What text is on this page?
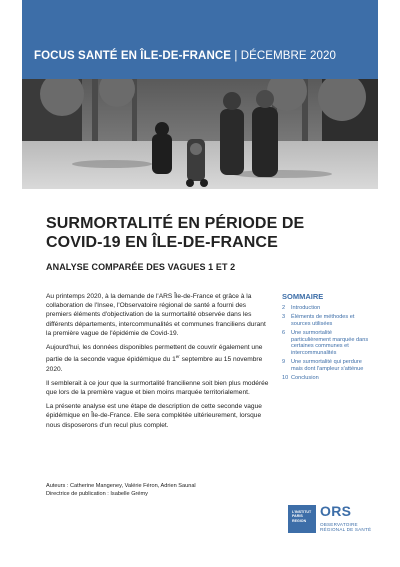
FOCUS SANTÉ EN ÎLE-DE-FRANCE | DÉCEMBRE 2020
SURMORTALITÉ EN PÉRIODE DE
COVID-19 EN ÎLE-DE-FRANCE
ANALYSE COMPARÉE DES VAGUES 1 ET 2

Au printemps 2020, à la demande de l'ARS Île-de-France et grâce à la collaboration de l'Insee, l'Observatoire régional de santé a fourni des premiers éléments d'objectivation de la surmortalité observée dans les différents départements, intercommunalités et communes franciliens durant la première vague de l'épidémie de Covid-19.

Aujourd'hui, les données disponibles permettent de couvrir également une partie de la seconde vague épidémique du 1er septembre au 15 novembre 2020.

Il semblerait à ce jour que la surmortalité francilienne soit bien plus modérée que lors de la première vague et bien moins marquée territorialement.

La présente analyse est une étape de description de cette seconde vague épidémique en Île-de-France. Elle sera complétée ultérieurement, lorsque nous disposerons d'un recul plus complet.

SOMMAIRE
2	Introduction
3	Éléments de méthodes et sources utilisées
6	Une surmortalité particulièrement marquée dans certaines communes et intercommunalités
9	Une surmortalité qui perdure mais dont l'ampleur s'atténue
10 Conclusion
Auteurs : Catherine Mangeney, Valérie Féron, Adrien Saunal
Directrice de publication : Isabelle Grémy
L'INSTITUT
PARIS
REGION
ORS
OBSERVATOIRE
RÉGIONAL DE SANTÉ
